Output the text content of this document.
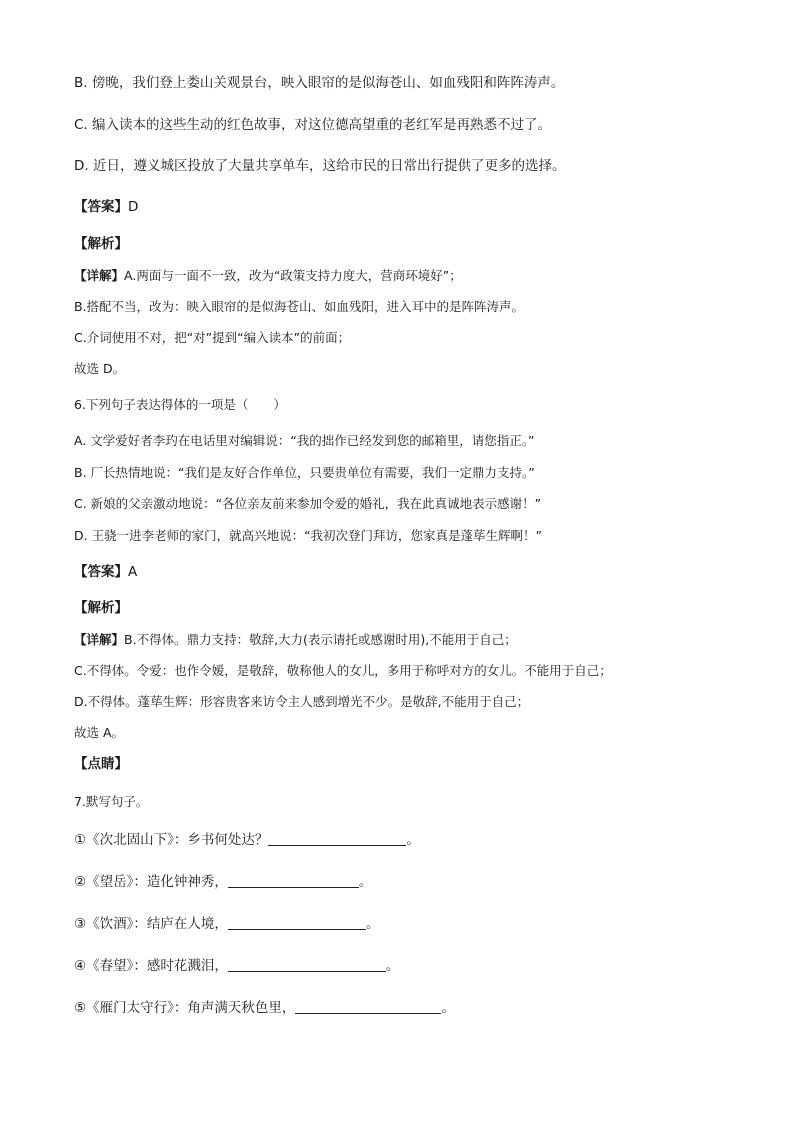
B. 傍晚，我们登上娄山关观景台，映入眼帘的是似海苍山、如血残阳和阵阵涛声。
C. 编入读本的这些生动的红色故事，对这位德高望重的老红军是再熟悉不过了。
D. 近日，遵义城区投放了大量共享单车，这给市民的日常出行提供了更多的选择。
【答案】D
【解析】
【详解】A.两面与一面不一致，改为“政策支持力度大，营商环境好”；
B.搭配不当，改为：映入眼帘的是似海苍山、如血残阳，进入耳中的是阵阵涛声。
C.介词使用不对，把“对”提到“编入读本”的前面；
故选 D。
6.下列句子表达得体的一项是（　　）
A. 文学爱好者李玓在电话里对编辑说：“我的拙作已经发到您的邮箱里，请您指正。”
B. 厂长热情地说：“我们是友好合作单位，只要贵单位有需要，我们一定鼎力支持。”
C. 新娘的父亲激动地说：“各位亲友前来参加令爱的婚礼，我在此真诚地表示感谢！”
D. 王骁一进李老师的家门，就高兴地说：“我初次登门拜访，您家真是蓬荜生辉啊！”
【答案】A
【解析】
【详解】B.不得体。鼎力支持：敬辞,大力(表示请托或感谢时用),不能用于自己；
C.不得体。令爱：也作令嫒，是敬辞，敬称他人的女儿，多用于称呼对方的女儿。不能用于自己；
D.不得体。蓬荜生辉：形容贵客来访令主人感到增光不少。是敬辞,不能用于自己；
故选 A。
【点睛】
7.默写句子。
①《次北固山下》：乡书何处达？	。
②《望岳》：造化钟神秀，	。
③《饮酒》：结庐在人境，	。
④《春望》：感时花溅泪，	。
⑤《雁门太守行》：角声满天秋色里，	。
